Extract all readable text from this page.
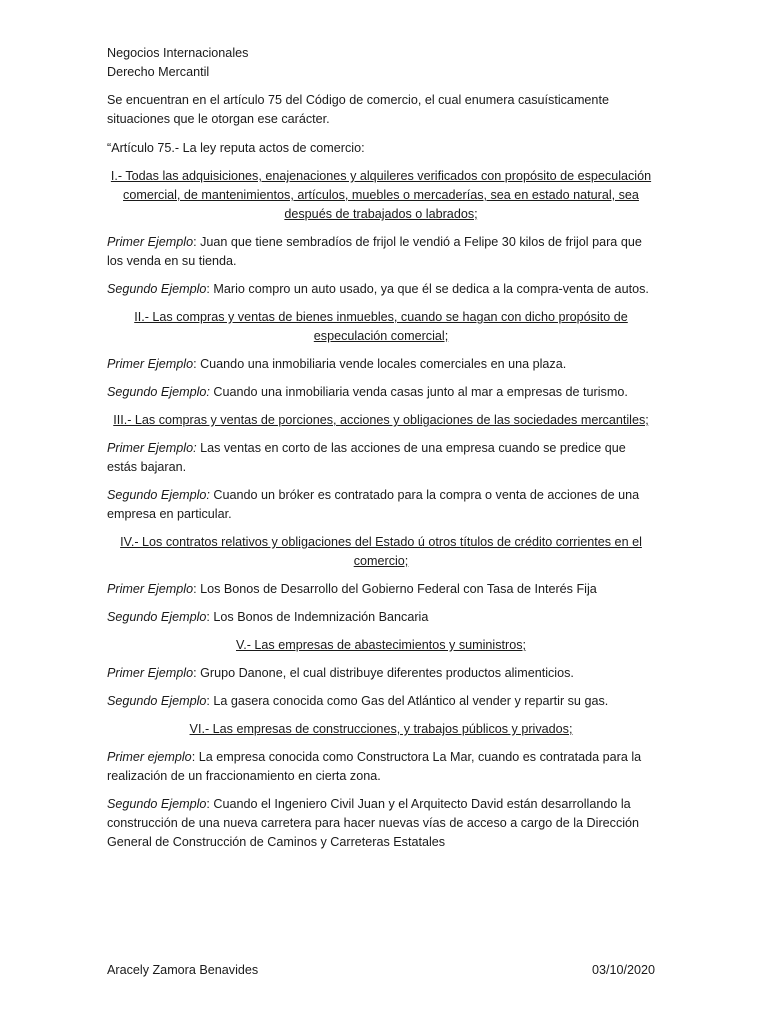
Negocios Internacionales

Derecho Mercantil

Se encuentran en el artículo 75 del Código de comercio, el cual enumera casuísticamente situaciones que le otorgan ese carácter.

“Artículo 75.- La ley reputa actos de comercio:

I.- Todas las adquisiciones, enajenaciones y alquileres verificados con propósito de especulación comercial, de mantenimientos, artículos, muebles o mercaderías, sea en estado natural, sea después de trabajados o labrados;

Primer Ejemplo: Juan que tiene sembradíos de frijol le vendió a Felipe 30 kilos de frijol para que los venda en su tienda.

Segundo Ejemplo: Mario compro un auto usado, ya que él se dedica a la compra-venta de autos.

II.- Las compras y ventas de bienes inmuebles, cuando se hagan con dicho propósito de especulación comercial;

Primer Ejemplo: Cuando una inmobiliaria vende locales comerciales en una plaza.

Segundo Ejemplo: Cuando una inmobiliaria venda casas junto al mar a empresas de turismo.

III.- Las compras y ventas de porciones, acciones y obligaciones de las sociedades mercantiles;

Primer Ejemplo: Las ventas en corto de las acciones de una empresa cuando se predice que estás bajaran.

Segundo Ejemplo: Cuando un bróker es contratado para la compra o venta de acciones de una empresa en particular.

IV.- Los contratos relativos y obligaciones del Estado ú otros títulos de crédito corrientes en el comercio;

Primer Ejemplo: Los Bonos de Desarrollo del Gobierno Federal con Tasa de Interés Fija

Segundo Ejemplo: Los Bonos de Indemnización Bancaria

V.- Las empresas de abastecimientos y suministros;

Primer Ejemplo: Grupo Danone, el cual distribuye diferentes productos alimenticios.

Segundo Ejemplo: La gasera conocida como Gas del Atlántico al vender y repartir su gas.

VI.- Las empresas de construcciones, y trabajos públicos y privados;

Primer ejemplo: La empresa conocida como Constructora La Mar, cuando es contratada para la realización de un fraccionamiento en cierta zona.

Segundo Ejemplo: Cuando el Ingeniero Civil Juan y el Arquitecto David están desarrollando la construcción de una nueva carretera para hacer nuevas vías de acceso a cargo de la Dirección General de Construcción de Caminos y Carreteras Estatales

Aracely Zamora Benavides	03/10/2020
